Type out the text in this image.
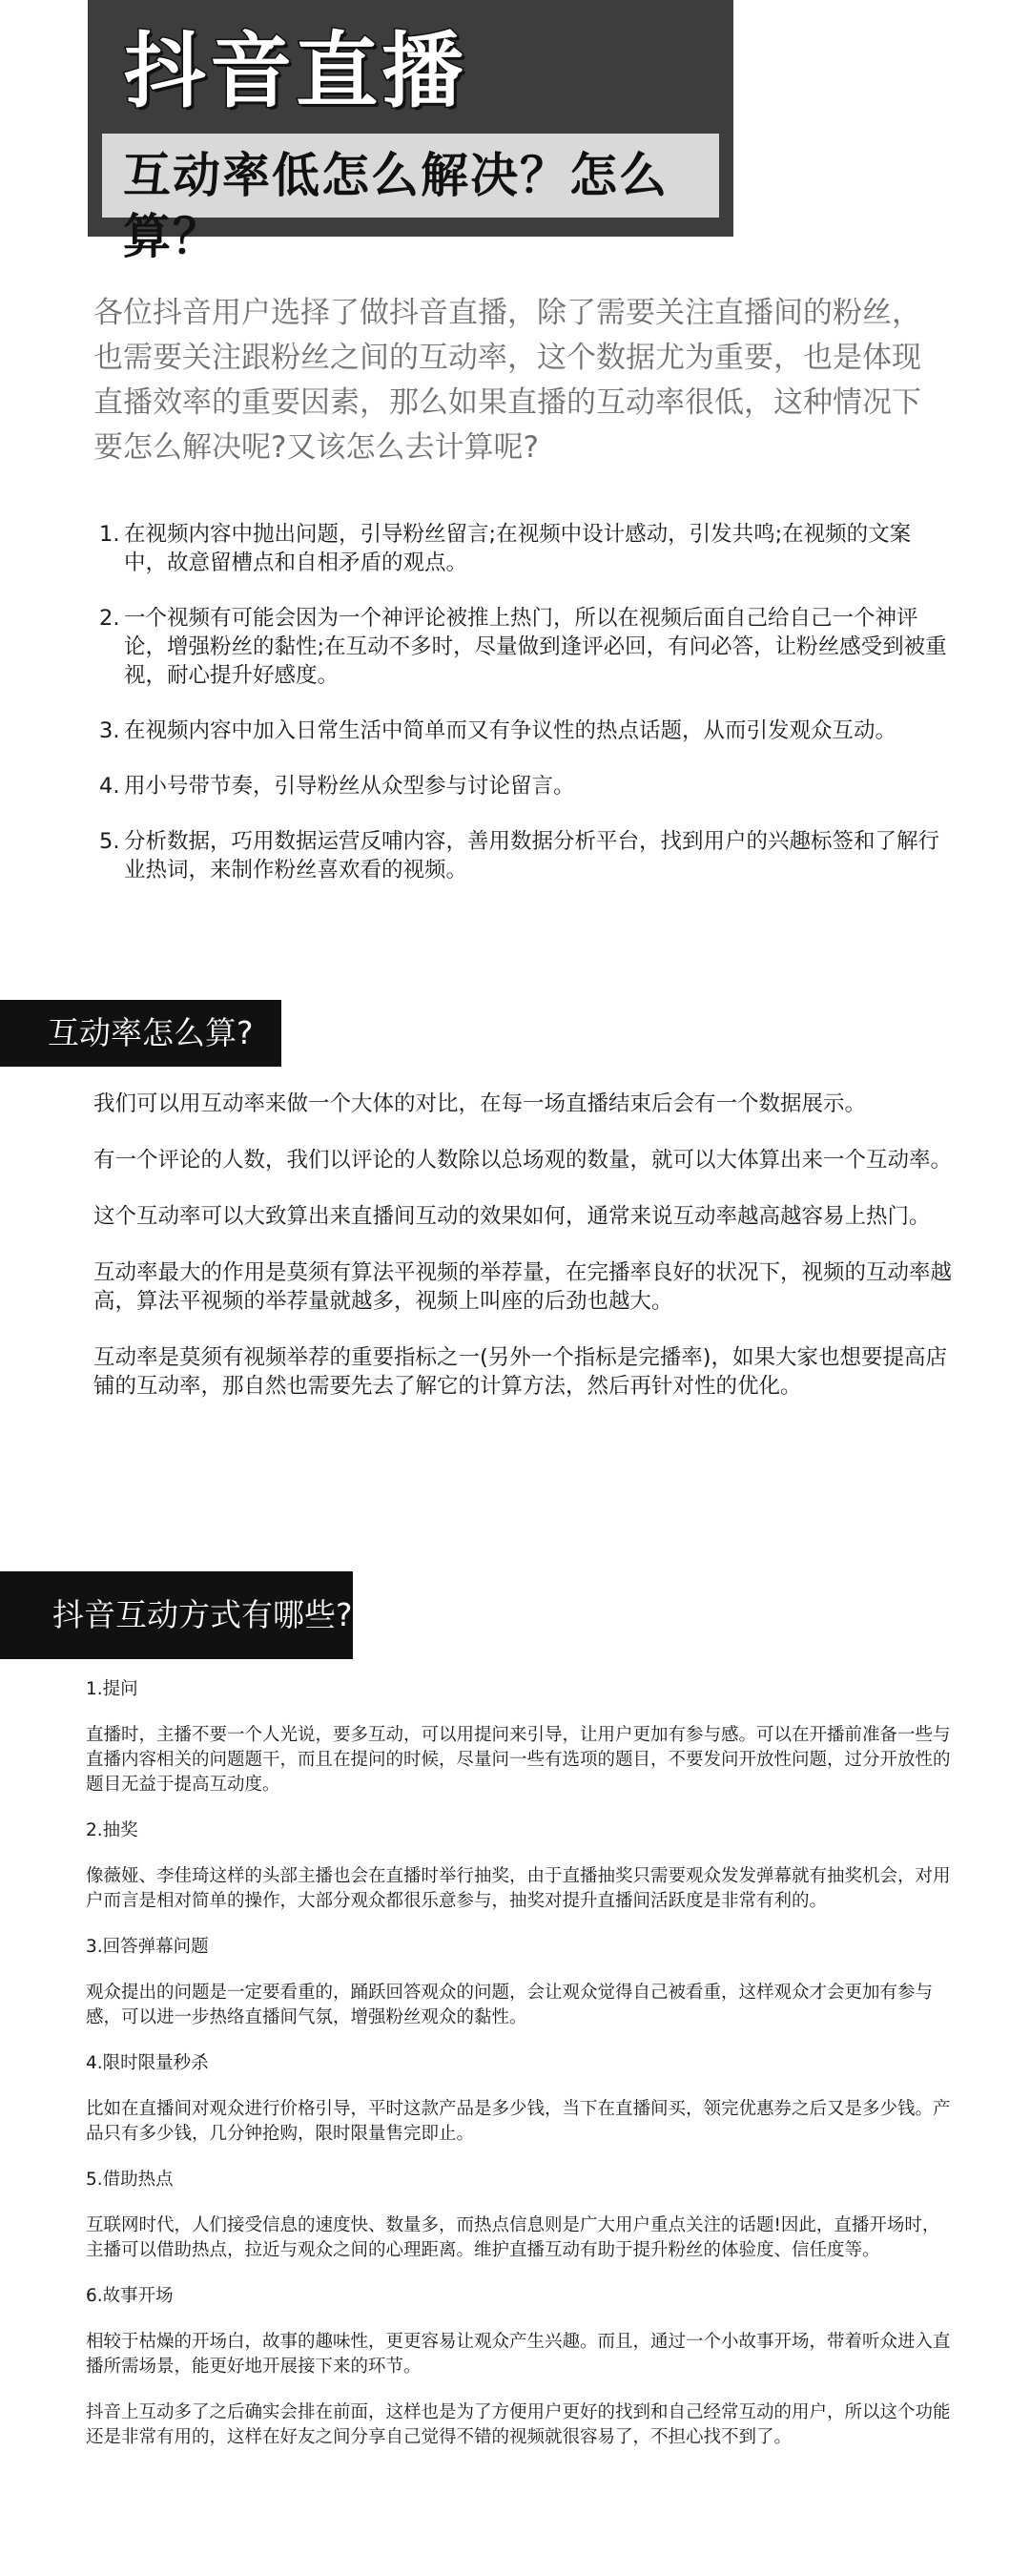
抖音直播
互动率低怎么解决？怎么算？

各位抖音用户选择了做抖音直播，除了需要关注直播间的粉丝，也需要关注跟粉丝之间的互动率，这个数据尤为重要，也是体现直播效率的重要因素，那么如果直播的互动率很低，这种情况下要怎么解决呢?又该怎么去计算呢?

1. 在视频内容中抛出问题，引导粉丝留言;在视频中设计感动，引发共鸣;在视频的文案中，故意留槽点和自相矛盾的观点。
2. 一个视频有可能会因为一个神评论被推上热门，所以在视频后面自己给自己一个神评论，增强粉丝的黏性;在互动不多时，尽量做到逢评必回，有问必答，让粉丝感受到被重视，耐心提升好感度。
3. 在视频内容中加入日常生活中简单而又有争议性的热点话题，从而引发观众互动。
4. 用小号带节奏，引导粉丝从众型参与讨论留言。
5. 分析数据，巧用数据运营反哺内容，善用数据分析平台，找到用户的兴趣标签和了解行业热词，来制作粉丝喜欢看的视频。
互动率怎么算?

我们可以用互动率来做一个大体的对比，在每一场直播结束后会有一个数据展示。

有一个评论的人数，我们以评论的人数除以总场观的数量，就可以大体算出来一个互动率。

这个互动率可以大致算出来直播间互动的效果如何，通常来说互动率越高越容易上热门。

互动率最大的作用是莫须有算法平视频的举荐量，在完播率良好的状况下，视频的互动率越高，算法平视频的举荐量就越多，视频上叫座的后劲也越大。

互动率是莫须有视频举荐的重要指标之一(另外一个指标是完播率)，如果大家也想要提高店铺的互动率，那自然也需要先去了解它的计算方法，然后再针对性的优化。

抖音互动方式有哪些?

1.提问

直播时，主播不要一个人光说，要多互动，可以用提问来引导，让用户更加有参与感。可以在开播前准备一些与直播内容相关的问题题干，而且在提问的时候，尽量问一些有选项的题目，不要发问开放性问题，过分开放性的题目无益于提高互动度。

2.抽奖

像薇娅、李佳琦这样的头部主播也会在直播时举行抽奖，由于直播抽奖只需要观众发发弹幕就有抽奖机会，对用户而言是相对简单的操作，大部分观众都很乐意参与，抽奖对提升直播间活跃度是非常有利的。

3.回答弹幕问题

观众提出的问题是一定要看重的，踊跃回答观众的问题，会让观众觉得自己被看重，这样观众才会更加有参与感，可以进一步热络直播间气氛，增强粉丝观众的黏性。

4.限时限量秒杀

比如在直播间对观众进行价格引导，平时这款产品是多少钱，当下在直播间买，领完优惠券之后又是多少钱。产品只有多少钱，几分钟抢购，限时限量售完即止。

5.借助热点

互联网时代，人们接受信息的速度快、数量多，而热点信息则是广大用户重点关注的话题!因此，直播开场时，主播可以借助热点，拉近与观众之间的心理距离。维护直播互动有助于提升粉丝的体验度、信任度等。

6.故事开场

相较于枯燥的开场白，故事的趣味性，更更容易让观众产生兴趣。而且，通过一个小故事开场，带着听众进入直播所需场景，能更好地开展接下来的环节。

抖音上互动多了之后确实会排在前面，这样也是为了方便用户更好的找到和自己经常互动的用户，所以这个功能还是非常有用的，这样在好友之间分享自己觉得不错的视频就很容易了，不担心找不到了。
